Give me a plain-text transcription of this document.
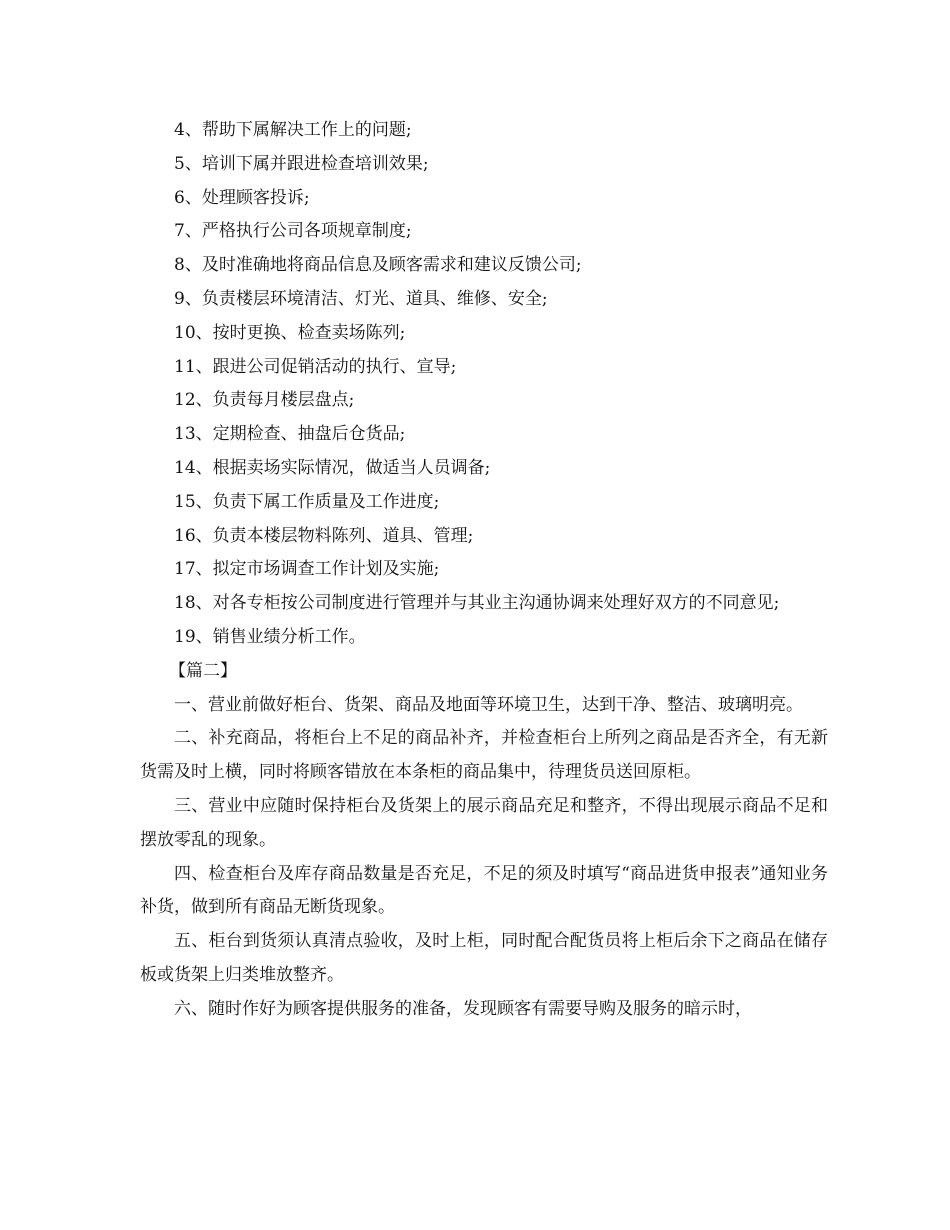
4、帮助下属解决工作上的问题;

5、培训下属并跟进检查培训效果;

6、处理顾客投诉;

7、严格执行公司各项规章制度;

8、及时准确地将商品信息及顾客需求和建议反馈公司;

9、负责楼层环境清洁、灯光、道具、维修、安全;

10、按时更换、检查卖场陈列;

11、跟进公司促销活动的执行、宣导;

12、负责每月楼层盘点;

13、定期检查、抽盘后仓货品;

14、根据卖场实际情况，做适当人员调备;

15、负责下属工作质量及工作进度;

16、负责本楼层物料陈列、道具、管理;

17、拟定市场调查工作计划及实施;

18、对各专柜按公司制度进行管理并与其业主沟通协调来处理好双方的不同意见;

19、销售业绩分析工作。

【篇二】

一、营业前做好柜台、货架、商品及地面等环境卫生，达到干净、整洁、玻璃明亮。

二、补充商品，将柜台上不足的商品补齐，并检查柜台上所列之商品是否齐全，有无新货需及时上横，同时将顾客错放在本条柜的商品集中，待理货员送回原柜。

三、营业中应随时保持柜台及货架上的展示商品充足和整齐，不得出现展示商品不足和摆放零乱的现象。

四、检查柜台及库存商品数量是否充足，不足的须及时填写“商品进货申报表”通知业务补货，做到所有商品无断货现象。

五、柜台到货须认真清点验收，及时上柜，同时配合配货员将上柜后余下之商品在储存板或货架上归类堆放整齐。

六、随时作好为顾客提供服务的准备，发现顾客有需要导购及服务的暗示时，
